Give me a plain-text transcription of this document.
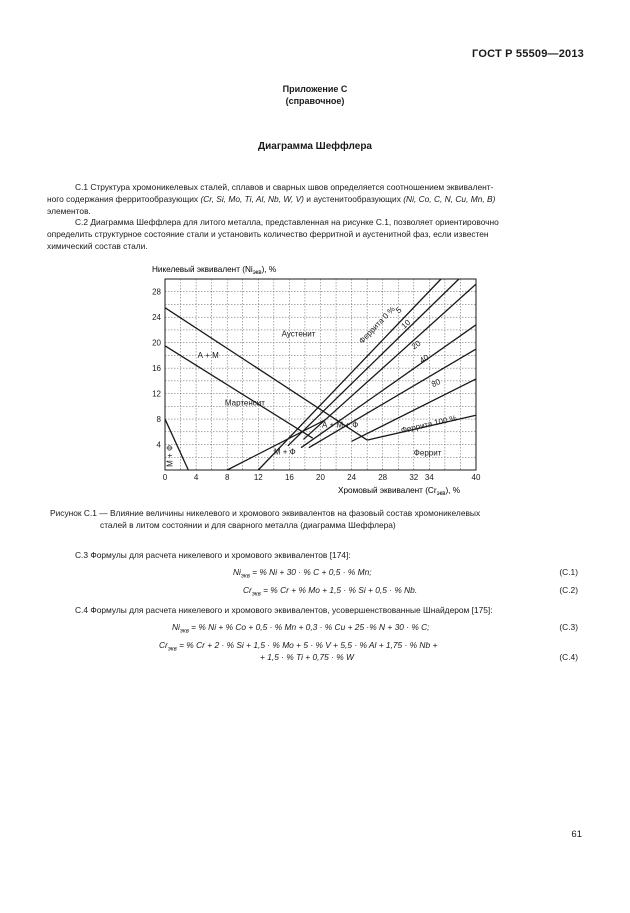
ГОСТ Р 55509—2013
Приложение С
(справочное)
Диаграмма Шеффлера
С.1 Структура хромоникелевых сталей, сплавов и сварных швов определяется соотношением эквивалент-
ного содержания ферритообразующих (Cr, Si, Mo, Ti, Al, Nb, W, V) и аустенитообразующих (Ni, Co, C, N, Cu, Mn, B)
элементов.
С.2 Диаграмма Шеффлера для литого металла, представленная на рисунке С.1, позволяет ориентировочно
определить структурное состояние стали и установить количество ферритной и аустенитной фаз, если известен
химический состав стали.
Никелевый эквивалент $(Ni_{экв})$, %
Хромовый эквивалент $(Cr_{экв})$, %
Феррита 0 %
5
10
20
40
80
Феррита 100 %
Аустенит
А + М
Мартенсит
А + М + Ф
М + Ф	Феррит
М + Ф
0	4	8	12	16	20	24	28	32 34	40
4
8
12
16
20
24
28
Рисунок С.1 — Влияние величины никелевого и хромового эквивалентов на фазовый состав хромоникелевых
сталей в литом состоянии и для сварного металла (диаграмма Шеффлера)
С.3 Формулы для расчета никелевого и хромового эквивалентов [174]:
$Ni_{экв}$ = % Ni + 30 · % C + 0,5 · % Mn;	(С.1)
$Cr_{экв}$ = % Cr + % Mo + 1,5 · % Si + 0,5 · % Nb.	(С.2)
С.4 Формулы для расчета никелевого и хромового эквивалентов, усовершенствованные Шнайдером [175]:
$Ni_{экв}$ = % Ni + % Co + 0,5 · % Mn + 0,3 · % Cu + 25 ·% N + 30 · % C;	(С.3)
$Cr_{экв}$ = % Cr + 2 · % Si + 1,5 · % Mo + 5 · % V + 5,5 · % Al + 1,75 · % Nb +
+ 1,5 · % Ti + 0,75 · % W	(С.4)
61
